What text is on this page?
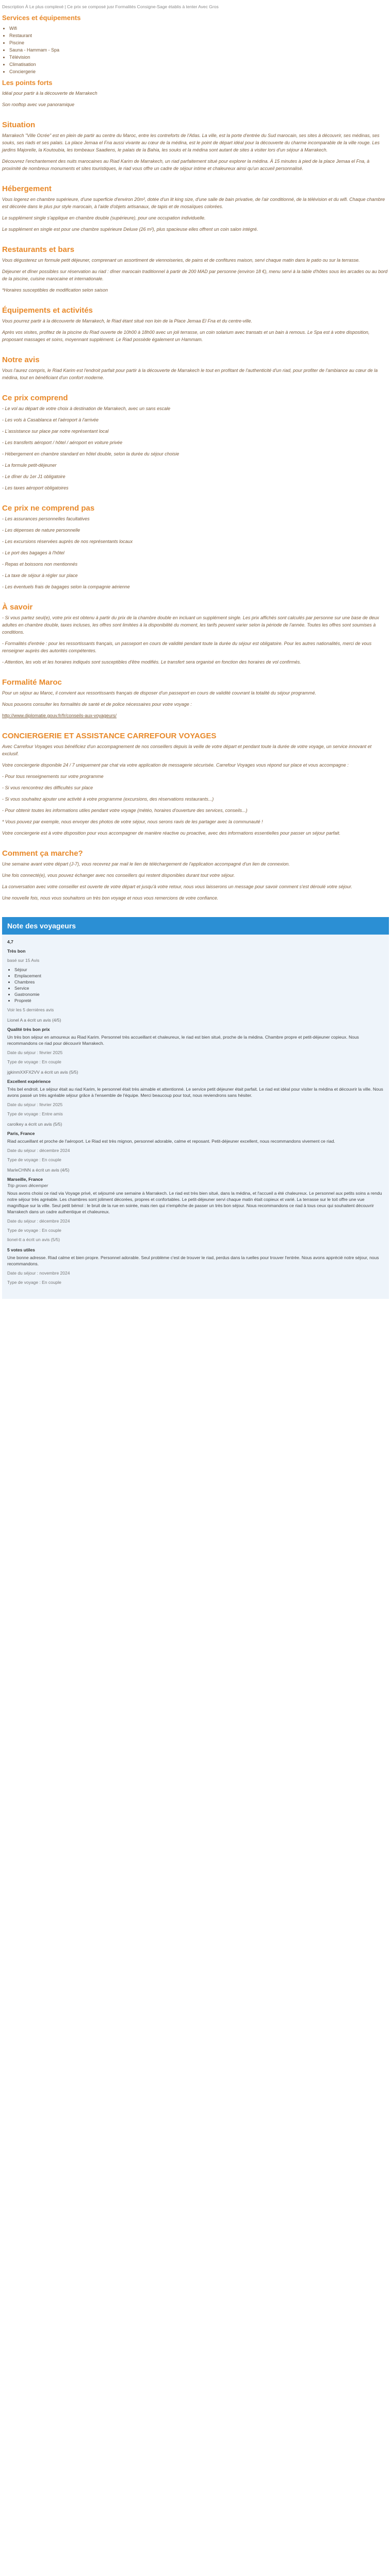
Description À Le plus complexé | Ce prix se composé jusr Formalités Consigne-Sage établis à tenter Avec Gros
Services et équipements
• Wifi
• Restaurant
• Piscine
• Sauna - Hammam - Spa
• Télévision
• Climatisation
• Conciergerie
Les points forts

Idéal pour partir à la découverte de Marrakech

Son rooftop avec vue panoramique

Situation

Marrakech "Ville Ocrée" est en plein de partir au centre du Maroc, entre les contreforts de l'Atlas. La ville, est la porte d'entrée du Sud marocain, ses sites à découvrir, ses médinas, ses souks, ses riads et ses palais. La place Jemaa el Fna aussi vivante au cœur de la médina, est le point de départ idéal pour la découverte du charme incomparable de la ville rouge. Les jardins Majorelle, la Koutoubia, les tombeaux Saadiens, le palais de la Bahia, les souks et la médina sont autant de sites à visiter lors d'un séjour à Marrakech.

Découvrez l'enchantement des nuits marocaines au Riad Karim de Marrakech, un riad parfaitement situé pour explorer la médina. À 15 minutes à pied de la place Jemaa el Fna, à proximité de nombreux monuments et sites touristiques, le riad vous offre un cadre de séjour intime et chaleureux ainsi qu'un accueil personnalisé.

Hébergement

Vous logerez en chambre supérieure, d'une superficie d'environ 20m², dotée d'un lit king size, d'une salle de bain privative, de l'air conditionné, de la télévision et du wifi. Chaque chambre est décorée dans le plus pur style marocain, à l'aide d'objets artisanaux, de tapis et de mosaïques colorées.

Le supplément single s'applique en chambre double (supérieure), pour une occupation individuelle.

Le supplément en single est pour une chambre supérieure Deluxe (26 m²), plus spacieuse elles offrent un coin salon intégré.

Restaurants et bars

Vous dégusterez un formule petit déjeuner, comprenant un assortiment de viennoiseries, de pains et de confitures maison, servi chaque matin dans le patio ou sur la terrasse.

Déjeuner et dîner possibles sur réservation au riad : dîner marocain traditionnel à partir de 200 MAD par personne (environ 18 €), menu servi à la table d'hôtes sous les arcades ou au bord de la piscine, cuisine marocaine et internationale.

*Horaires susceptibles de modification selon saison

Équipements et activités

Vous pourrez partir à la découverte de Marrakech, le Riad étant situé non loin de la Place Jemaa El Fna et du centre-ville.

Après vos visites, profitez de la piscine du Riad ouverte de 10h00 à 18h00 avec un joli terrasse, un coin solarium avec transats et un bain à remous. Le Spa est à votre disposition, proposant massages et soins, moyennant supplément. Le Riad possède également un Hammam.

Notre avis

Vous l'aurez compris, le Riad Karim est l'endroit parfait pour partir à la découverte de Marrakech le tout en profitant de l'authenticité d'un riad, pour profiter de l'ambiance au cœur de la médina, tout en bénéficiant d'un confort moderne.

Ce prix comprend

- Le vol au départ de votre choix à destination de Marrakech, avec un sans escale

- Les vols à Casablanca et l'aéroport à l'arrivée

- L'assistance sur place par notre représentant local

- Les transferts aéroport / hôtel / aéroport en voiture privée

- Hébergement en chambre standard en hôtel double, selon la durée du séjour choisie

- La formule petit-déjeuner

- Le dîner du 1er J1 obligatoire

- Les taxes aéroport obligatoires

Ce prix ne comprend pas

- Les assurances personnelles facultatives

- Les dépenses de nature personnelle

- Les excursions réservées auprès de nos représentants locaux

- Le port des bagages à l'hôtel

- Repas et boissons non mentionnés

- La taxe de séjour à régler sur place

- Les éventuels frais de bagages selon la compagnie aérienne

À savoir

- Si vous partez seul(e), votre prix est obtenu à partir du prix de la chambre double en incluant un supplément single. Les prix affichés sont calculés par personne sur une base de deux adultes en chambre double, taxes incluses, les offres sont limitées à la disponibilité du moment, les tarifs peuvent varier selon la période de l'année. Toutes les offres sont soumises à conditions.

- Formalités d'entrée : pour les ressortissants français, un passeport en cours de validité pendant toute la durée du séjour est obligatoire. Pour les autres nationalités, merci de vous renseigner auprès des autorités compétentes.

- Attention, les vols et les horaires indiqués sont susceptibles d'être modifiés. Le transfert sera organisé en fonction des horaires de vol confirmés.

Formalité Maroc

Pour un séjour au Maroc, il convient aux ressortissants français de disposer d'un passeport en cours de validité couvrant la totalité du séjour programmé.

Nous pouvons consulter les formalités de santé et de police nécessaires pour votre voyage :

http://www.diplomatie.gouv.fr/fr/conseils-aux-voyageurs/

CONCIERGERIE ET ASSISTANCE CARREFOUR VOYAGES

Avec Carrefour Voyages vous bénéficiez d'un accompagnement de nos conseillers depuis la veille de votre départ et pendant toute la durée de votre voyage, un service innovant et exclusif.

Votre conciergerie disponible 24 / 7 uniquement par chat via votre application de messagerie sécurisée. Carrefour Voyages vous répond sur place et vous accompagne :

- Pour tous renseignements sur votre programme

- Si vous rencontrez des difficultés sur place

- Si vous souhaitez ajouter une activité à votre programme (excursions, des réservations restaurants...)

- Pour obtenir toutes les informations utiles pendant votre voyage (météo, horaires d'ouverture des services, conseils...)

* Vous pouvez par exemple, nous envoyer des photos de votre séjour, nous serons ravis de les partager avec la communauté !

Votre conciergerie est à votre disposition pour vous accompagner de manière réactive ou proactive, avec des informations essentielles pour passer un séjour parfait.

Comment ça marche?

Une semaine avant votre départ (J-7), vous recevrez par mail le lien de téléchargement de l'application accompagné d'un lien de connexion.

Une fois connecté(e), vous pouvez échanger avec nos conseillers qui restent disponibles durant tout votre séjour.

La conversation avec votre conseiller est ouverte de votre départ et jusqu'à votre retour, nous vous laisserons un message pour savoir comment s'est déroulé votre séjour.

Une nouvelle fois, nous vous souhaitons un très bon voyage et nous vous remercions de votre confiance.

Note des voyageurs
4,7
Très bon
basé sur 15 Avis
• Séjour
• Emplacement
• Chambres
• Service
• Gastronomie
• Propreté
Voir les 5 dernières avis
Lionel A a écrit un avis (4/5)
Qualité très bon prix

Un très bon séjour en amoureux au Riad Karim. Personnel très accueillant et chaleureux, le riad est bien situé, proche de la médina. Chambre propre et petit-déjeuner copieux. Nous recommandons ce riad pour découvrir Marrakech.

Date du séjour : février 2025

Type de voyage : En couple

jgkinmXXFX2VV a écrit un avis (5/5)
Excellent expérience

Très bel endroit. Le séjour était au riad Karim, le personnel était très aimable et attentionné. Le service petit déjeuner était parfait. Le riad est idéal pour visiter la médina et découvrir la ville. Nous avons passé un très agréable séjour grâce à l'ensemble de l'équipe. Merci beaucoup pour tout, nous reviendrons sans hésiter.

Date du séjour : février 2025

Type de voyage : Entre amis

carolkey a écrit un avis (5/5)
Paris, France

Riad accueillant et proche de l'aéroport. Le Riad est très mignon, personnel adorable, calme et reposant. Petit-déjeuner excellent, nous recommandons vivement ce riad.

Date du séjour : décembre 2024

Type de voyage : En couple

MarleCHNN a écrit un avis (4/5)
Marseille, France
Trip grows décemper

Nous avons choisi ce riad via Voyage privé, et séjourné une semaine à Marrakech. Le riad est très bien situé, dans la médina, et l'accueil a été chaleureux. Le personnel aux petits soins a rendu notre séjour très agréable. Les chambres sont joliment décorées, propres et confortables. Le petit-déjeuner servi chaque matin était copieux et varié. La terrasse sur le toit offre une vue magnifique sur la ville. Seul petit bémol : le bruit de la rue en soirée, mais rien qui n'empêche de passer un très bon séjour. Nous recommandons ce riad à tous ceux qui souhaitent découvrir Marrakech dans un cadre authentique et chaleureux.

Date du séjour : décembre 2024

Type de voyage : En couple

lionel-tt a écrit un avis (5/5)

5 votes utiles

Une bonne adresse. Riad calme et bien propre. Personnel adorable. Seul problème c'est de trouver le riad, perdus dans la ruelles pour trouver l'entrée. Nous avons apprécié notre séjour, nous recommandons.

Date du séjour : novembre 2024

Type de voyage : En couple
